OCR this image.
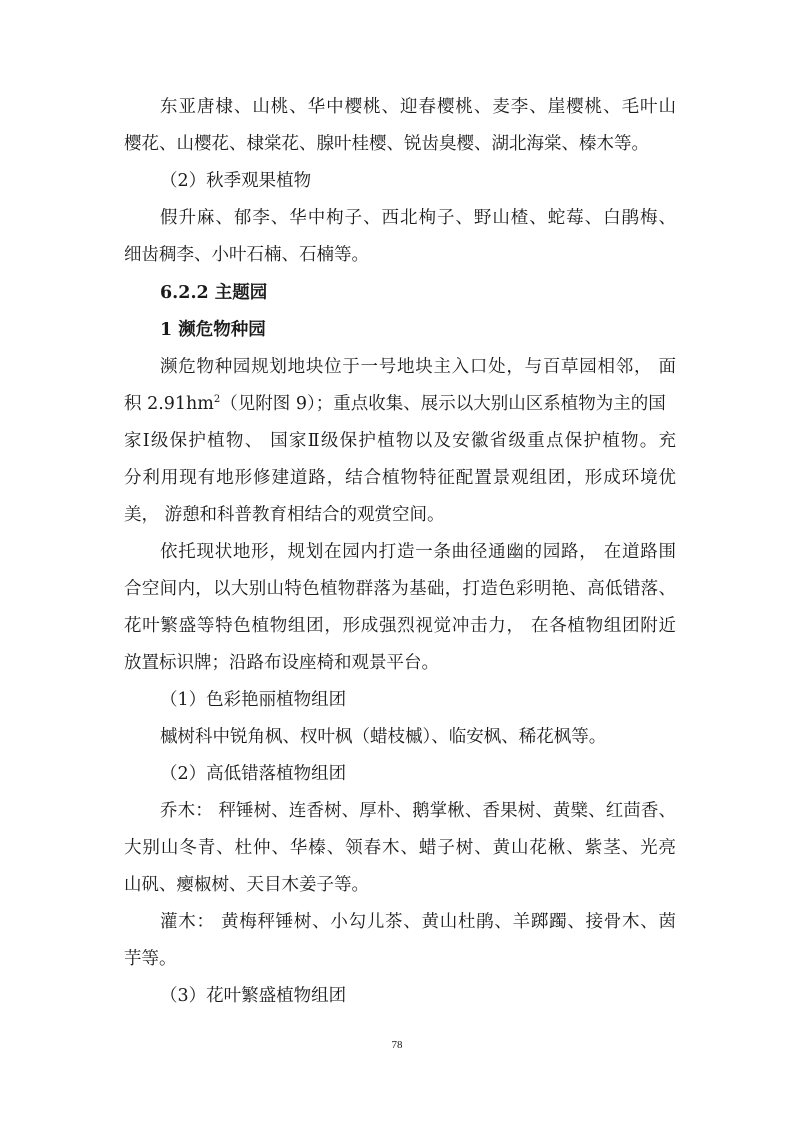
东亚唐棣、山桃、华中樱桃、迎春樱桃、麦李、崖樱桃、毛叶山
樱花、山樱花、棣棠花、腺叶桂樱、锐齿臭樱、湖北海棠、榛木等。
（2）秋季观果植物
假升麻、郁李、华中枸子、西北栒子、野山楂、蛇莓、白鹃梅、
细齿稠李、小叶石楠、石楠等。
6.2.2 主题园
1 濒危物种园
濒危物种园规划地块位于一号地块主入口处，与百草园相邻， 面
积 $2.91hm^2$（见附图 9）；重点收集、展示以大别山区系植物为主的国
家Ⅰ级保护植物、 国家Ⅱ级保护植物以及安徽省级重点保护植物。充
分利用现有地形修建道路，结合植物特征配置景观组团，形成环境优
美， 游憩和科普教育相结合的观赏空间。
依托现状地形，规划在园内打造一条曲径通幽的园路， 在道路围
合空间内，以大别山特色植物群落为基础，打造色彩明艳、高低错落、
花叶繁盛等特色植物组团，形成强烈视觉冲击力， 在各植物组团附近
放置标识牌；沿路布设座椅和观景平台。
（1）色彩艳丽植物组团
槭树科中锐角枫、杈叶枫（蜡枝槭）、临安枫、稀花枫等。
（2）高低错落植物组团
乔木： 秤锤树、连香树、厚朴、鹅掌楸、香果树、黄檗、红茴香、
大别山冬青、杜仲、华榛、领春木、蜡子树、黄山花楸、紫茎、光亮
山矾、瘿椒树、天目木姜子等。
灌木： 黄梅秤锤树、小勾儿茶、黄山杜鹃、羊踯躅、接骨木、茵
芋等。
（3）花叶繁盛植物组团
78
